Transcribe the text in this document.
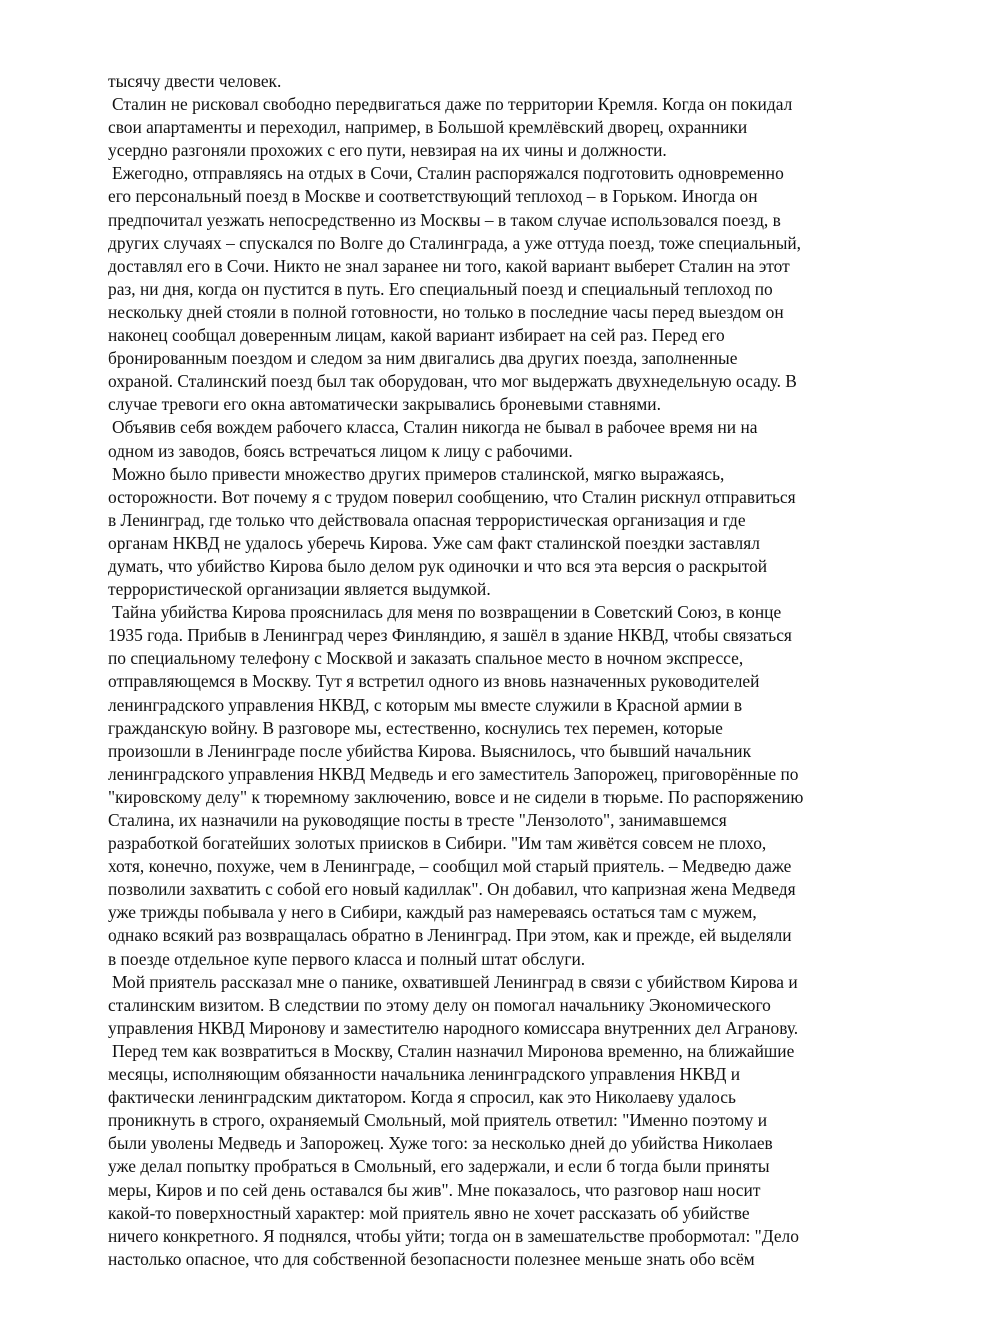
тысячу двести человек.

Сталин не рисковал свободно передвигаться даже по территории Кремля. Когда он покидал
свои апартаменты и переходил, например, в Большой кремлёвский дворец, охранники
усердно разгоняли прохожих с его пути, невзирая на их чины и должности.

Ежегодно, отправляясь на отдых в Сочи, Сталин распоряжался подготовить одновременно
его персональный поезд в Москве и соответствующий теплоход – в Горьком. Иногда он
предпочитал уезжать непосредственно из Москвы – в таком случае использовался поезд, в
других случаях – спускался по Волге до Сталинграда, а уже оттуда поезд, тоже специальный,
доставлял его в Сочи. Никто не знал заранее ни того, какой вариант выберет Сталин на этот
раз, ни дня, когда он пустится в путь. Его специальный поезд и специальный теплоход по
нескольку дней стояли в полной готовности, но только в последние часы перед выездом он
наконец сообщал доверенным лицам, какой вариант избирает на сей раз. Перед его
бронированным поездом и следом за ним двигались два других поезда, заполненные
охраной. Сталинский поезд был так оборудован, что мог выдержать двухнедельную осаду. В
случае тревоги его окна автоматически закрывались броневыми ставнями.

Объявив себя вождем рабочего класса, Сталин никогда не бывал в рабочее время ни на
одном из заводов, боясь встречаться лицом к лицу с рабочими.

Можно было привести множество других примеров сталинской, мягко выражаясь,
осторожности. Вот почему я с трудом поверил сообщению, что Сталин рискнул отправиться
в Ленинград, где только что действовала опасная террористическая организация и где
органам НКВД не удалось уберечь Кирова. Уже сам факт сталинской поездки заставлял
думать, что убийство Кирова было делом рук одиночки и что вся эта версия о раскрытой
террористической организации является выдумкой.

Тайна убийства Кирова прояснилась для меня по возвращении в Советский Союз, в конце
1935 года. Прибыв в Ленинград через Финляндию, я зашёл в здание НКВД, чтобы связаться
по специальному телефону с Москвой и заказать спальное место в ночном экспрессе,
отправляющемся в Москву. Тут я встретил одного из вновь назначенных руководителей
ленинградского управления НКВД, с которым мы вместе служили в Красной армии в
гражданскую войну. В разговоре мы, естественно, коснулись тех перемен, которые
произошли в Ленинграде после убийства Кирова. Выяснилось, что бывший начальник
ленинградского управления НКВД Медведь и его заместитель Запорожец, приговорённые по
"кировскому делу" к тюремному заключению, вовсе и не сидели в тюрьме. По распоряжению
Сталина, их назначили на руководящие посты в тресте "Лензолото", занимавшемся
разработкой богатейших золотых приисков в Сибири. "Им там живётся совсем не плохо,
хотя, конечно, похуже, чем в Ленинграде, – сообщил мой старый приятель. – Медведю даже
позволили захватить с собой его новый кадиллак". Он добавил, что капризная жена Медведя
уже трижды побывала у него в Сибири, каждый раз намереваясь остаться там с мужем,
однако всякий раз возвращалась обратно в Ленинград. При этом, как и прежде, ей выделяли
в поезде отдельное купе первого класса и полный штат обслуги.

Мой приятель рассказал мне о панике, охватившей Ленинград в связи с убийством Кирова и
сталинским визитом. В следствии по этому делу он помогал начальнику Экономического
управления НКВД Миронову и заместителю народного комиссара внутренних дел Агранову.

Перед тем как возвратиться в Москву, Сталин назначил Миронова временно, на ближайшие
месяцы, исполняющим обязанности начальника ленинградского управления НКВД и
фактически ленинградским диктатором. Когда я спросил, как это Николаеву удалось
проникнуть в строго, охраняемый Смольный, мой приятель ответил: "Именно поэтому и
были уволены Медведь и Запорожец. Хуже того: за несколько дней до убийства Николаев
уже делал попытку пробраться в Смольный, его задержали, и если б тогда были приняты
меры, Киров и по сей день оставался бы жив". Мне показалось, что разговор наш носит
какой-то поверхностный характер: мой приятель явно не хочет рассказать об убийстве
ничего конкретного. Я поднялся, чтобы уйти; тогда он в замешательстве пробормотал: "Дело
настолько опасное, что для собственной безопасности полезнее меньше знать обо всём
